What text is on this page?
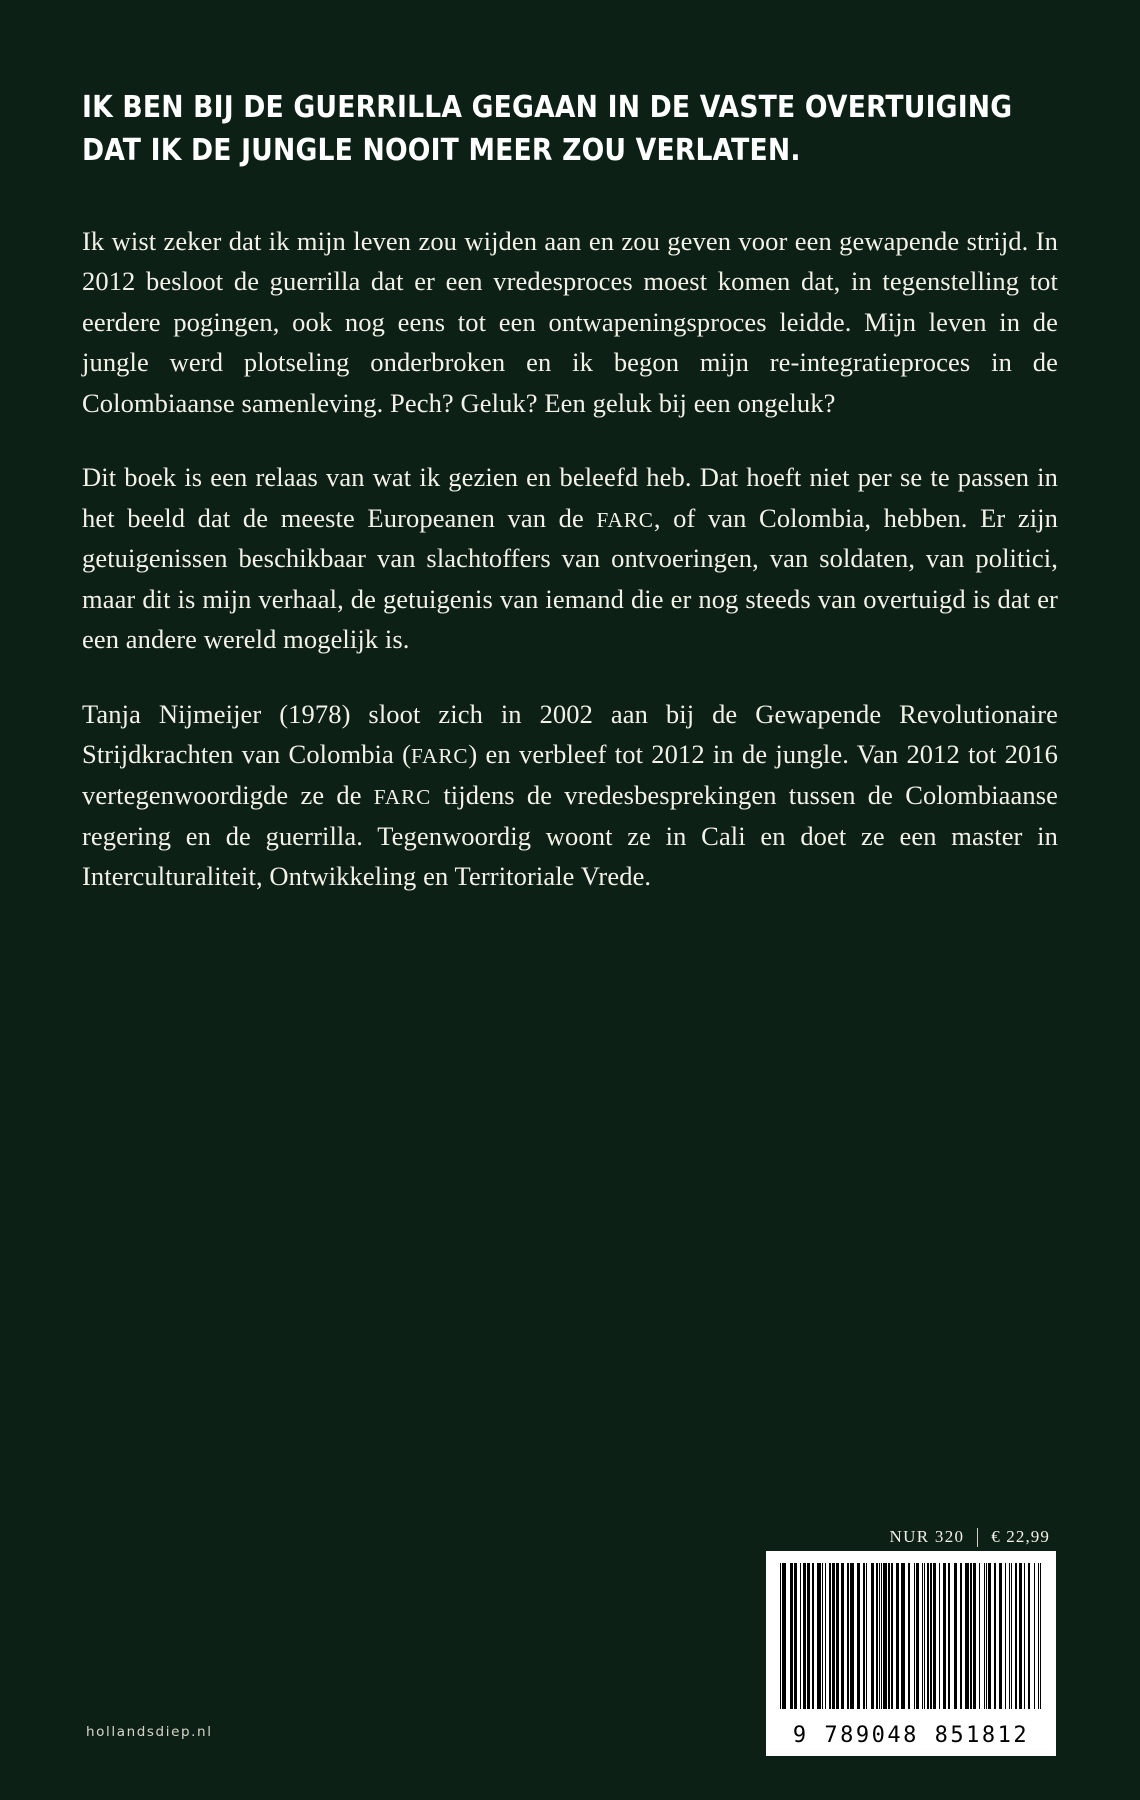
IK BEN BIJ DE GUERRILLA GEGAAN IN DE VASTE OVERTUIGING DAT IK DE JUNGLE NOOIT MEER ZOU VERLATEN.

Ik wist zeker dat ik mijn leven zou wijden aan en zou geven voor een gewapende strijd. In 2012 besloot de guerrilla dat er een vredesproces moest komen dat, in tegenstelling tot eerdere pogingen, ook nog eens tot een ontwapeningsproces leidde. Mijn leven in de jungle werd plotseling onderbroken en ik begon mijn re-integratieproces in de Colombiaanse samenleving. Pech? Geluk? Een geluk bij een ongeluk?

Dit boek is een relaas van wat ik gezien en beleefd heb. Dat hoeft niet per se te passen in het beeld dat de meeste Europeanen van de FARC, of van Colombia, hebben. Er zijn getuigenissen beschikbaar van slachtoffers van ontvoeringen, van soldaten, van politici, maar dit is mijn verhaal, de getuigenis van iemand die er nog steeds van overtuigd is dat er een andere wereld mogelijk is.

Tanja Nijmeijer (1978) sloot zich in 2002 aan bij de Gewapende Revolutionaire Strijdkrachten van Colombia (FARC) en verbleef tot 2012 in de jungle. Van 2012 tot 2016 vertegenwoordigde ze de FARC tijdens de vredesbesprekingen tussen de Colombiaanse regering en de guerrilla. Tegenwoordig woont ze in Cali en doet ze een master in Interculturaliteit, Ontwikkeling en Territoriale Vrede.

NUR 320 € 22,99
9 789048 851812
hollandsdiep.nl
